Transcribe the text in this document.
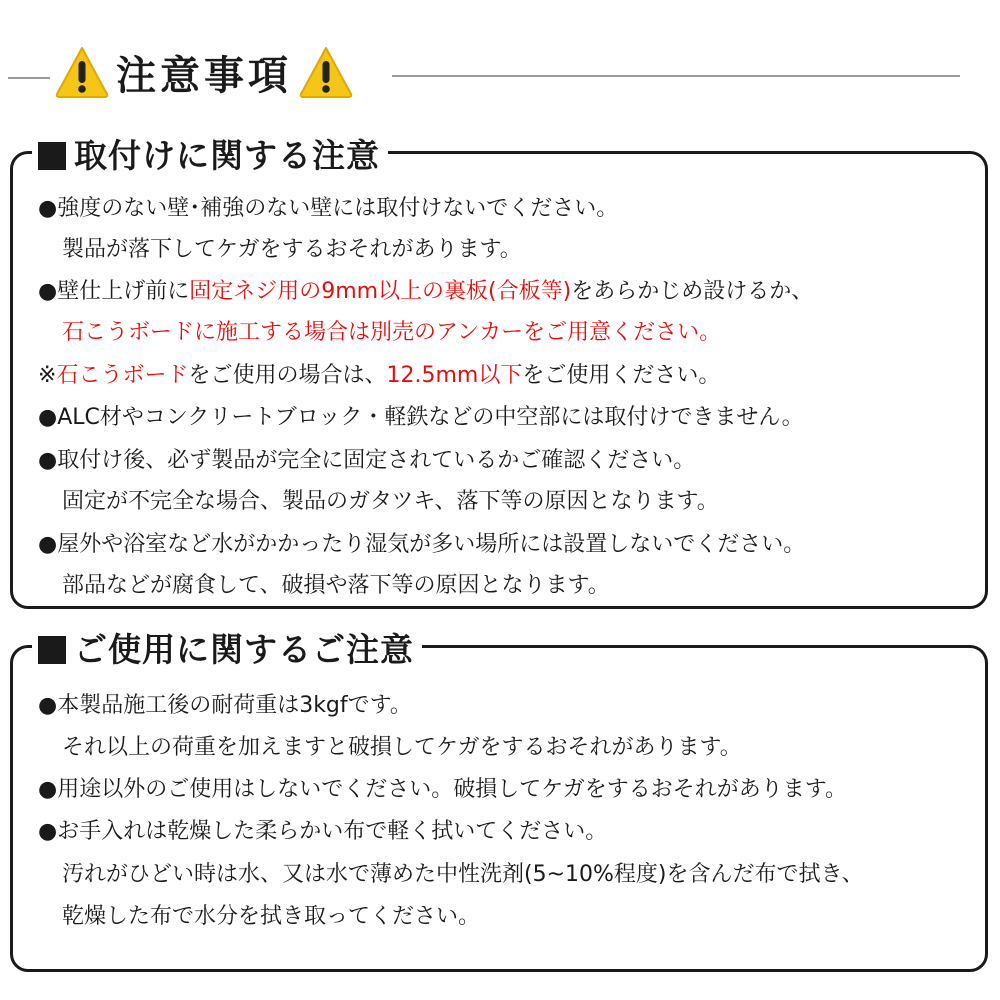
注意事項
取付けに関する注意
●強度のない壁･補強のない壁には取付けないでください。
製品が落下してケガをするおそれがあります。
●壁仕上げ前に固定ネジ用の9mm以上の裏板(合板等)をあらかじめ設けるか、
石こうボードに施工する場合は別売のアンカーをご用意ください。
※石こうボードをご使用の場合は、12.5mm以下をご使用ください。
●ALC材やコンクリートブロック・軽鉄などの中空部には取付けできません。
●取付け後、必ず製品が完全に固定されているかご確認ください。
固定が不完全な場合、製品のガタツキ、落下等の原因となります。
●屋外や浴室など水がかかったり湿気が多い場所には設置しないでください。
部品などが腐食して、破損や落下等の原因となります。
ご使用に関するご注意
●本製品施工後の耐荷重は3kgfです。
それ以上の荷重を加えますと破損してケガをするおそれがあります。
●用途以外のご使用はしないでください。破損してケガをするおそれがあります。
●お手入れは乾燥した柔らかい布で軽く拭いてください。
汚れがひどい時は水、又は水で薄めた中性洗剤(5~10%程度)を含んだ布で拭き、
乾燥した布で水分を拭き取ってください。
